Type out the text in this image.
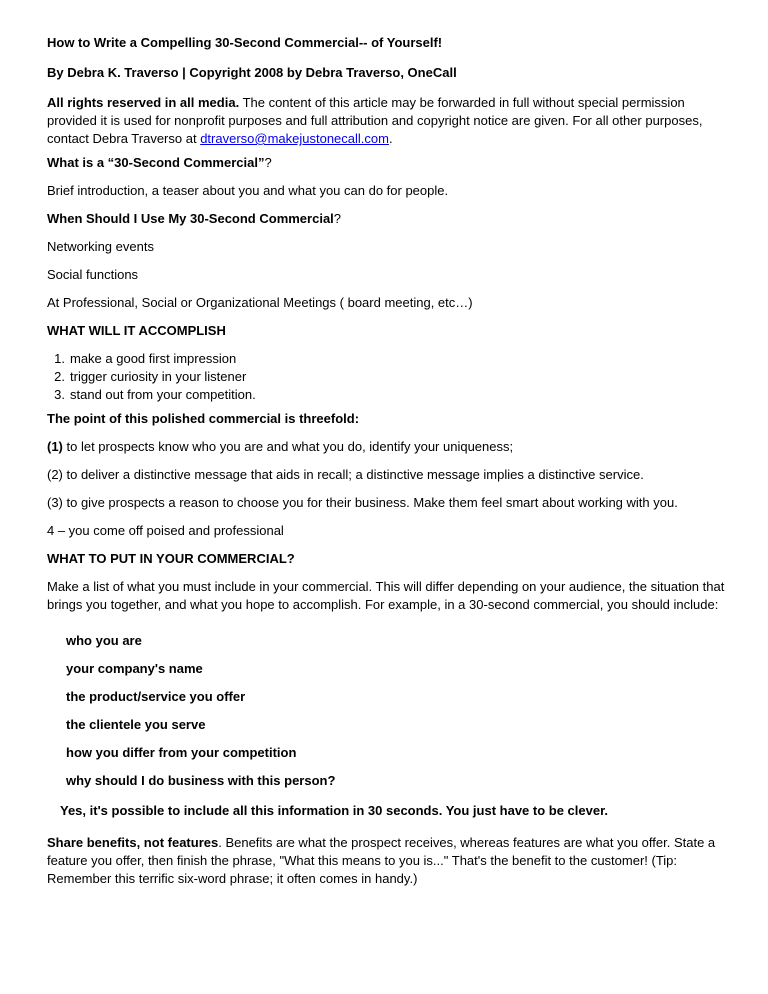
How to Write a Compelling 30-Second Commercial-- of Yourself!

By Debra K. Traverso | Copyright 2008 by Debra Traverso, OneCall

All rights reserved in all media. The content of this article may be forwarded in full without special permission provided it is used for nonprofit purposes and full attribution and copyright notice are given. For all other purposes, contact Debra Traverso at dtraverso@makejustonecall.com.

What is a “30-Second Commercial”?

Brief introduction, a teaser about you and what you can do for people.

When Should I Use My 30-Second Commercial?

Networking events

Social functions

At Professional, Social or Organizational Meetings ( board meeting, etc…)

WHAT WILL IT ACCOMPLISH

1. make a good first impression

2. trigger curiosity in your listener

3. stand out from your competition.

The point of this polished commercial is threefold:

(1) to let prospects know who you are and what you do, identify your uniqueness;

(2) to deliver a distinctive message that aids in recall; a distinctive message implies a distinctive service.

(3) to give prospects a reason to choose you for their business. Make them feel smart about working with you.

4 – you come off poised and professional

WHAT TO PUT IN YOUR COMMERCIAL?

Make a list of what you must include in your commercial. This will differ depending on your audience, the situation that brings you together, and what you hope to accomplish. For example, in a 30-second commercial, you should include:

who you are

your company's name

the product/service you offer

the clientele you serve

how you differ from your competition

why should I do business with this person?

Yes, it's possible to include all this information in 30 seconds. You just have to be clever.

Share benefits, not features. Benefits are what the prospect receives, whereas features are what you offer. State a feature you offer, then finish the phrase, "What this means to you is..." That's the benefit to the customer! (Tip: Remember this terrific six-word phrase; it often comes in handy.)
